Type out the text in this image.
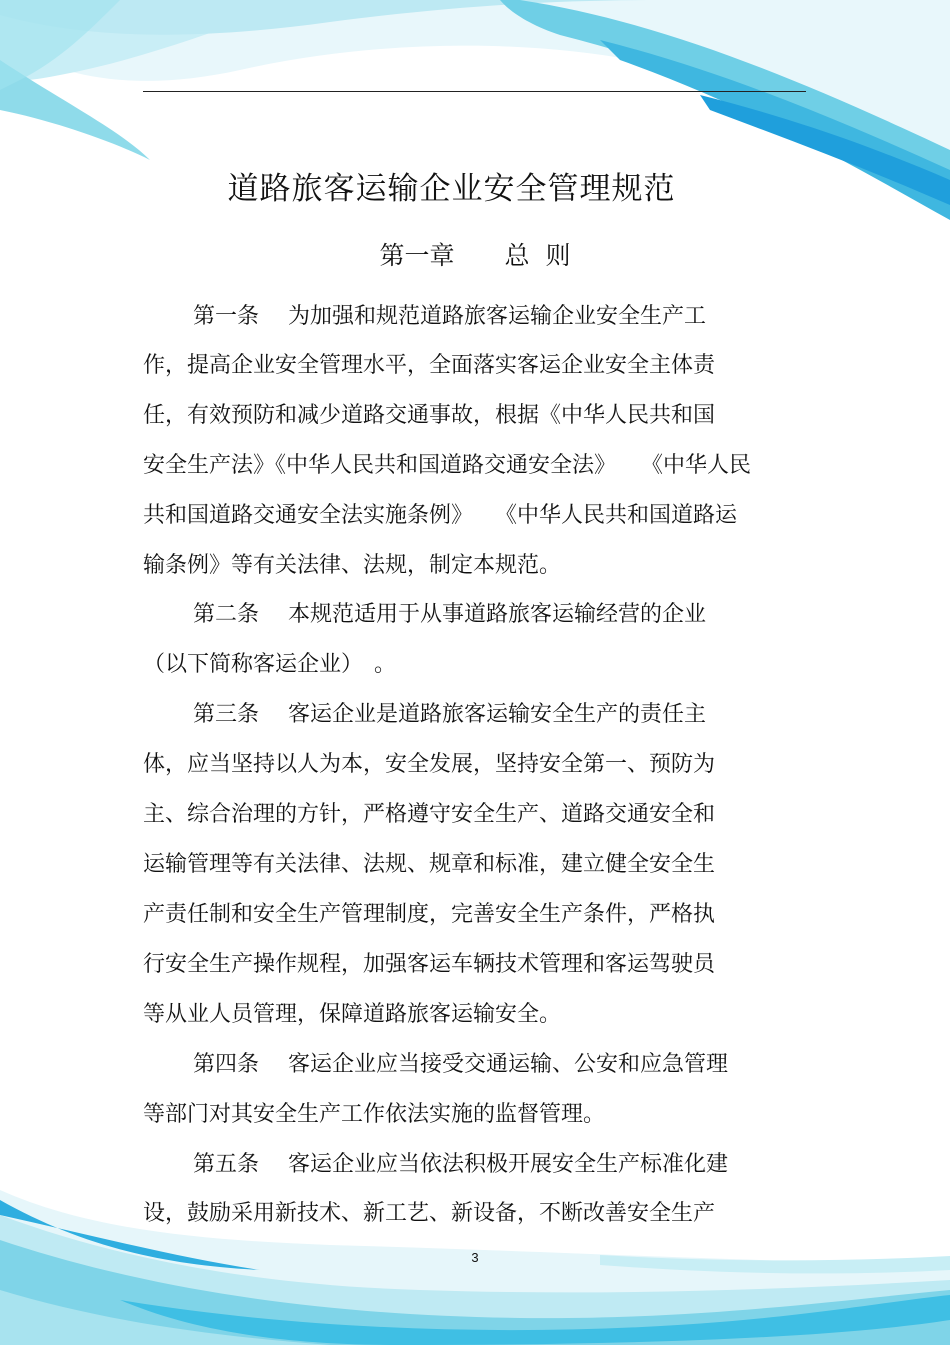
道路旅客运输企业安全管理规范
第一章　　总  则
第一条　 为加强和规范道路旅客运输企业安全生产工
作，提高企业安全管理水平，全面落实客运企业安全主体责
任，有效预防和减少道路交通事故，根据《中华人民共和国
安全生产法》《中华人民共和国道路交通安全法》　  《中华人民
共和国道路交通安全法实施条例》　　《中华人民共和国道路运
输条例》等有关法律、法规，制定本规范。
第二条　 本规范适用于从事道路旅客运输经营的企业
（以下简称客运企业）　。
第三条　 客运企业是道路旅客运输安全生产的责任主
体，应当坚持以人为本，安全发展，坚持安全第一、预防为
主、综合治理的方针，严格遵守安全生产、道路交通安全和
运输管理等有关法律、法规、规章和标准，建立健全安全生
产责任制和安全生产管理制度，完善安全生产条件，严格执
行安全生产操作规程，加强客运车辆技术管理和客运驾驶员
等从业人员管理，保障道路旅客运输安全。
第四条　 客运企业应当接受交通运输、公安和应急管理
等部门对其安全生产工作依法实施的监督管理。
第五条　 客运企业应当依法积极开展安全生产标准化建
设，鼓励采用新技术、新工艺、新设备，不断改善安全生产
3
